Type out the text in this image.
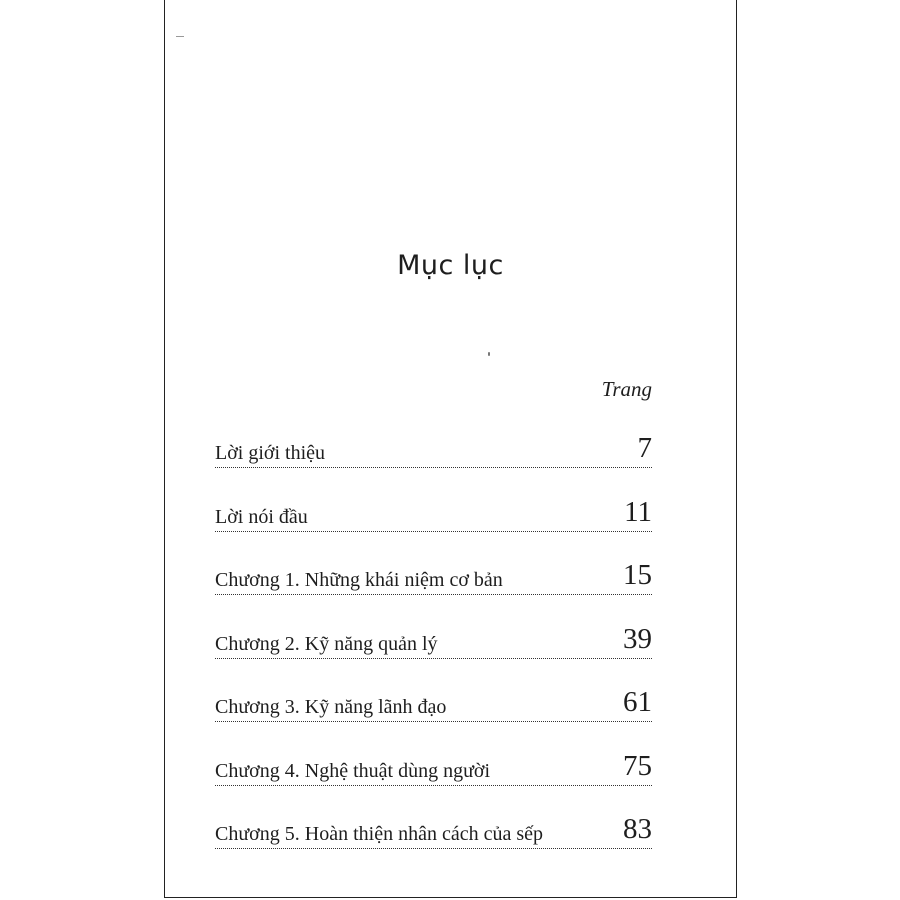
Mục lục
Trang
Lời giới thiệu	7
Lời nói đầu	11
Chương 1. Những khái niệm cơ bản	15
Chương 2. Kỹ năng quản lý	39
Chương 3. Kỹ năng lãnh đạo	61
Chương 4. Nghệ thuật dùng người	75
Chương 5. Hoàn thiện nhân cách của sếp	83
